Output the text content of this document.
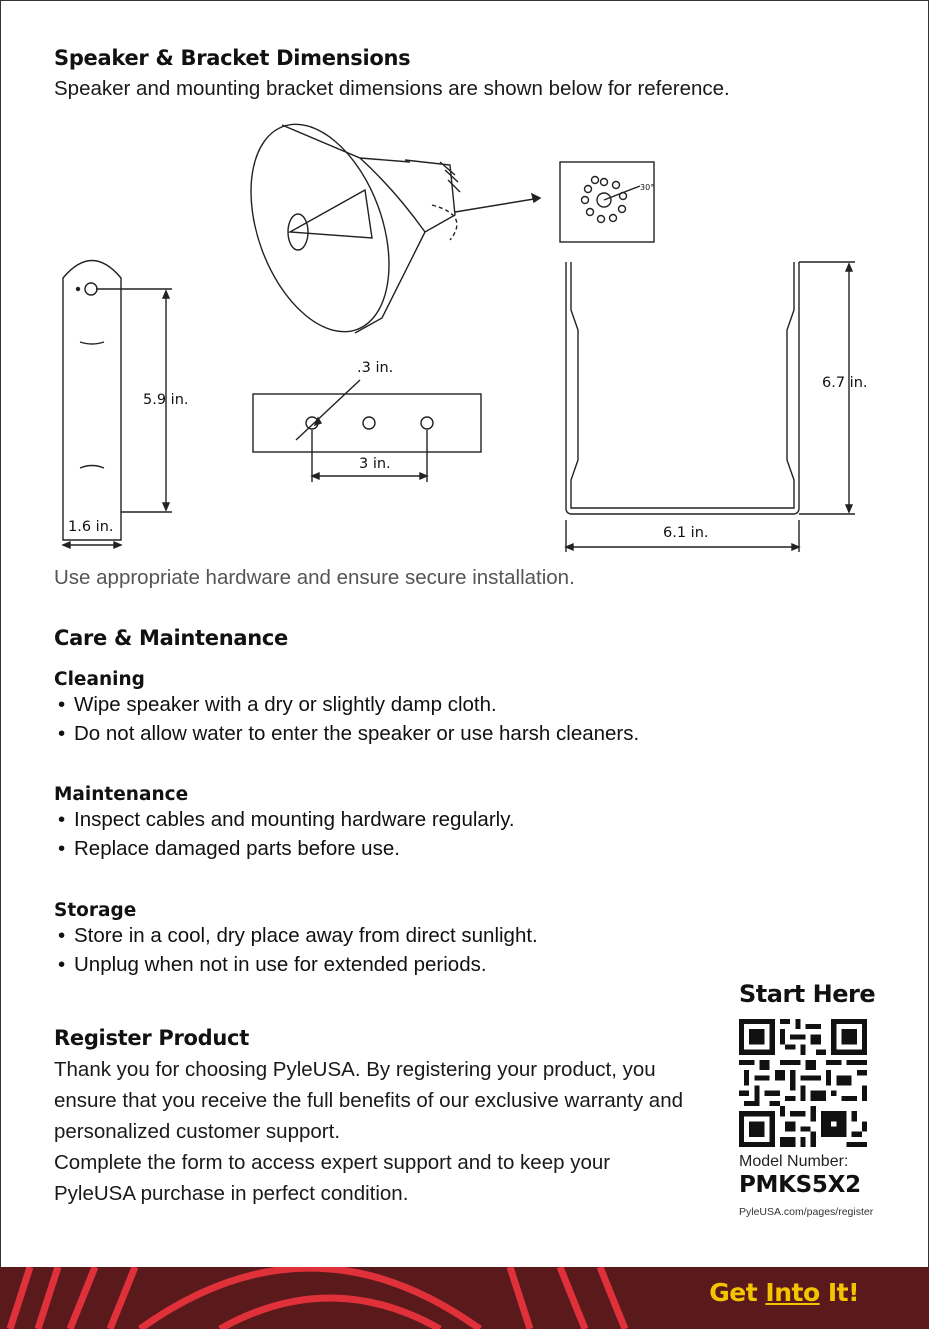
Speaker & Bracket Dimensions
Speaker and mounting bracket dimensions are shown below for reference.
30°
5.9 in.
1.6 in.
.3 in.
3 in.
6.7 in.
6.1 in.
Use appropriate hardware and ensure secure installation.
Care & Maintenance
Cleaning
• Wipe speaker with a dry or slightly damp cloth.
• Do not allow water to enter the speaker or use harsh cleaners.
Maintenance
• Inspect cables and mounting hardware regularly.
• Replace damaged parts before use.
Storage
• Store in a cool, dry place away from direct sunlight.
• Unplug when not in use for extended periods.
Register Product
Thank you for choosing PyleUSA. By registering your product, you ensure that you receive the full benefits of our exclusive warranty and personalized customer support.
Complete the form to access expert support and to keep your PyleUSA purchase in perfect condition.
Start Here
Model Number:
PMKS5X2
PyleUSA.com/pages/register
Get Into It!
